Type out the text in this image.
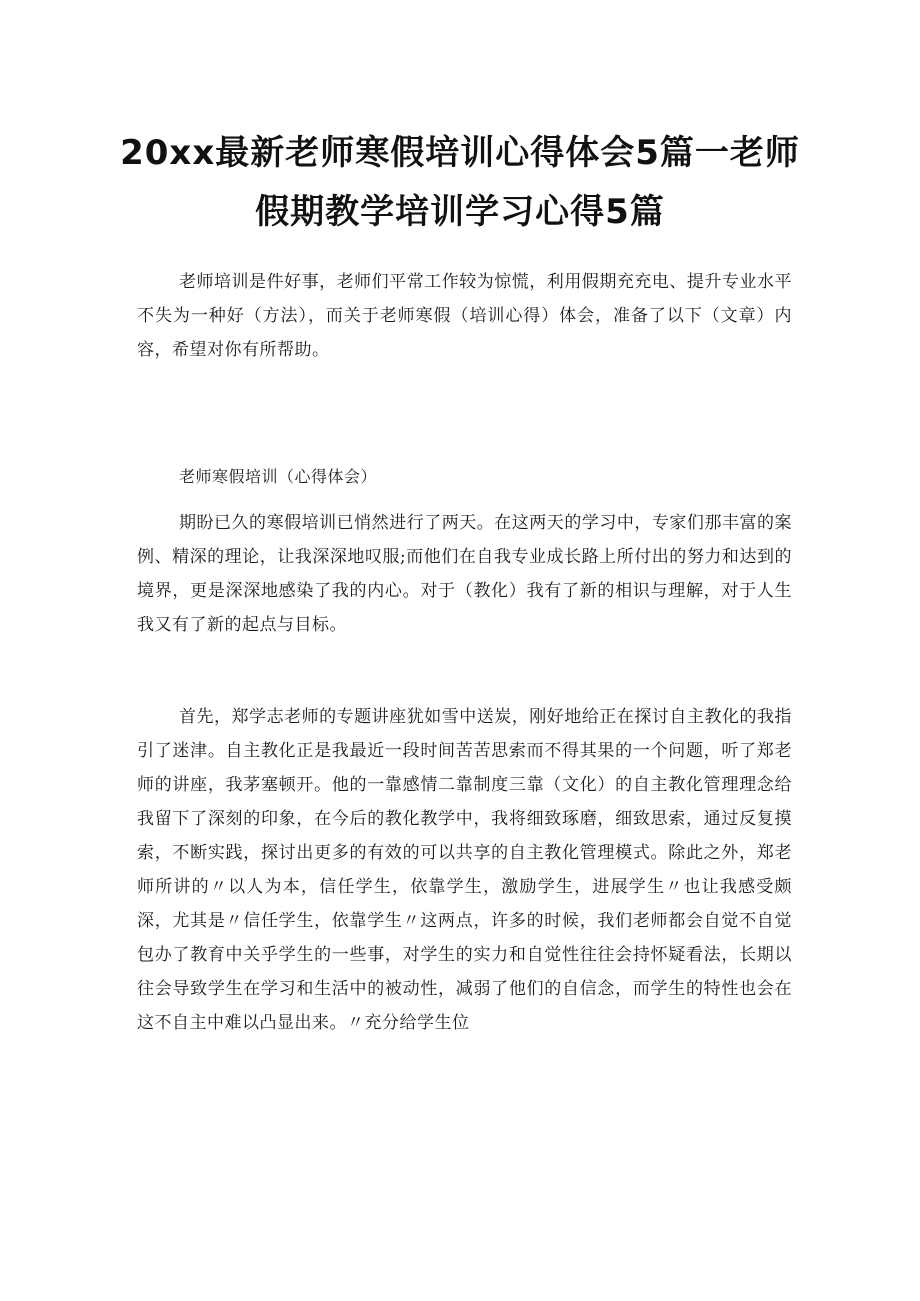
20xx最新老师寒假培训心得体会5篇一老师
假期教学培训学习心得5篇

老师培训是件好事，老师们平常工作较为惊慌，利用假期充充电、提升专业水平不失为一种好（方法），而关于老师寒假（培训心得）体会，准备了以下（文章）内容，希望对你有所帮助。

老师寒假培训（心得体会）

期盼已久的寒假培训已悄然进行了两天。在这两天的学习中，专家们那丰富的案例、精深的理论，让我深深地叹服;而他们在自我专业成长路上所付出的努力和达到的境界，更是深深地感染了我的内心。对于（教化）我有了新的相识与理解，对于人生我又有了新的起点与目标。

首先，郑学志老师的专题讲座犹如雪中送炭，刚好地给正在探讨自主教化的我指引了迷津。自主教化正是我最近一段时间苦苦思索而不得其果的一个问题，听了郑老师的讲座，我茅塞顿开。他的一靠感情二靠制度三靠（文化）的自主教化管理理念给我留下了深刻的印象，在今后的教化教学中，我将细致琢磨，细致思索，通过反复摸索，不断实践，探讨出更多的有效的可以共享的自主教化管理模式。除此之外，郑老师所讲的〃以人为本，信任学生，依靠学生，激励学生，进展学生〃也让我感受颇深，尤其是〃信任学生，依靠学生〃这两点，许多的时候，我们老师都会自觉不自觉包办了教育中关乎学生的一些事，对学生的实力和自觉性往往会持怀疑看法，长期以往会导致学生在学习和生活中的被动性，减弱了他们的自信念，而学生的特性也会在这不自主中难以凸显出来。〃充分给学生位
